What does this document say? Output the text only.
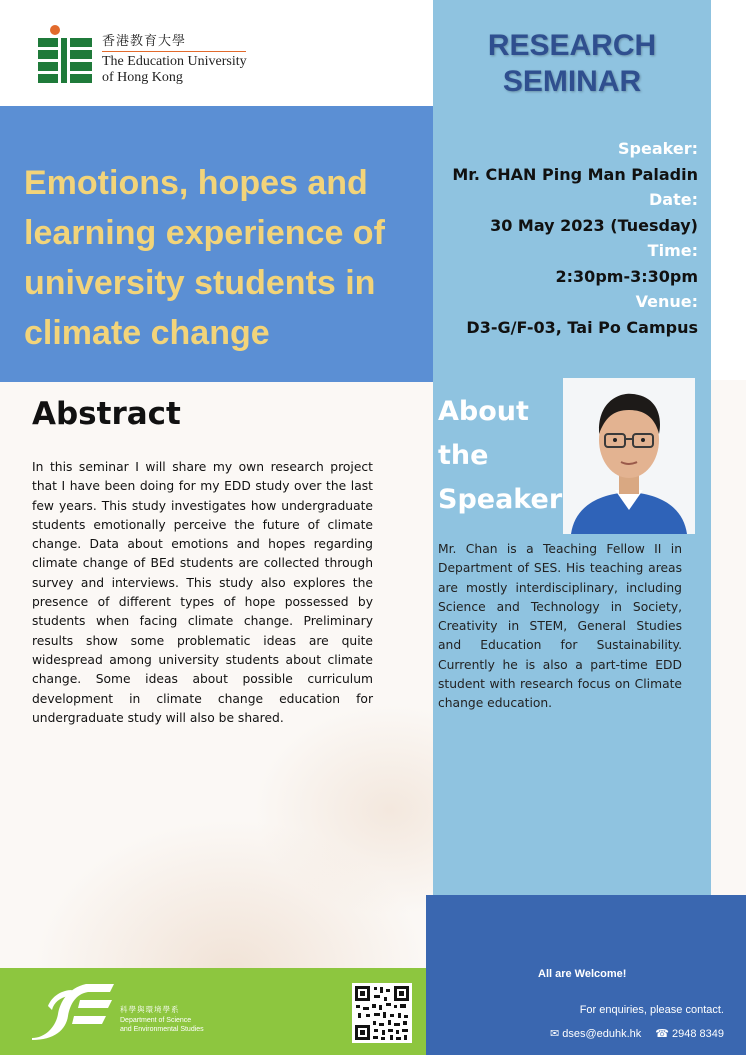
香港教育大學
The Education University
of Hong Kong
Emotions, hopes and
learning experience of
university students in
climate change
RESEARCH
SEMINAR
Speaker:
Mr. CHAN Ping Man Paladin
Date:
30 May 2023 (Tuesday)
Time:
2:30pm-3:30pm
Venue:
D3-G/F-03, Tai Po Campus
About
the
Speaker
Mr. Chan is a Teaching Fellow II in Department of SES. His teaching areas are mostly interdisciplinary, including Science and Technology in Society, Creativity in STEM, General Studies and Education for Sustainability. Currently he is also a part-time EDD student with research focus on Climate change education.
Abstract
In this seminar I will share my own research project that I have been doing for my EDD study over the last few years. This study investigates how undergraduate students emotionally perceive the future of climate change. Data about emotions and hopes regarding climate change of BEd students are collected through survey and interviews. This study also explores the presence of different types of hope possessed by students when facing climate change. Preliminary results show some problematic ideas are quite widespread among university students about climate change. Some ideas about possible curriculum development in climate change education for undergraduate study will also be shared.
科學與環境學系
Department of Science
and Environmental Studies
All are Welcome!
For enquiries, please contact.
✉ dses@eduhk.hk ☎ 2948 8349
